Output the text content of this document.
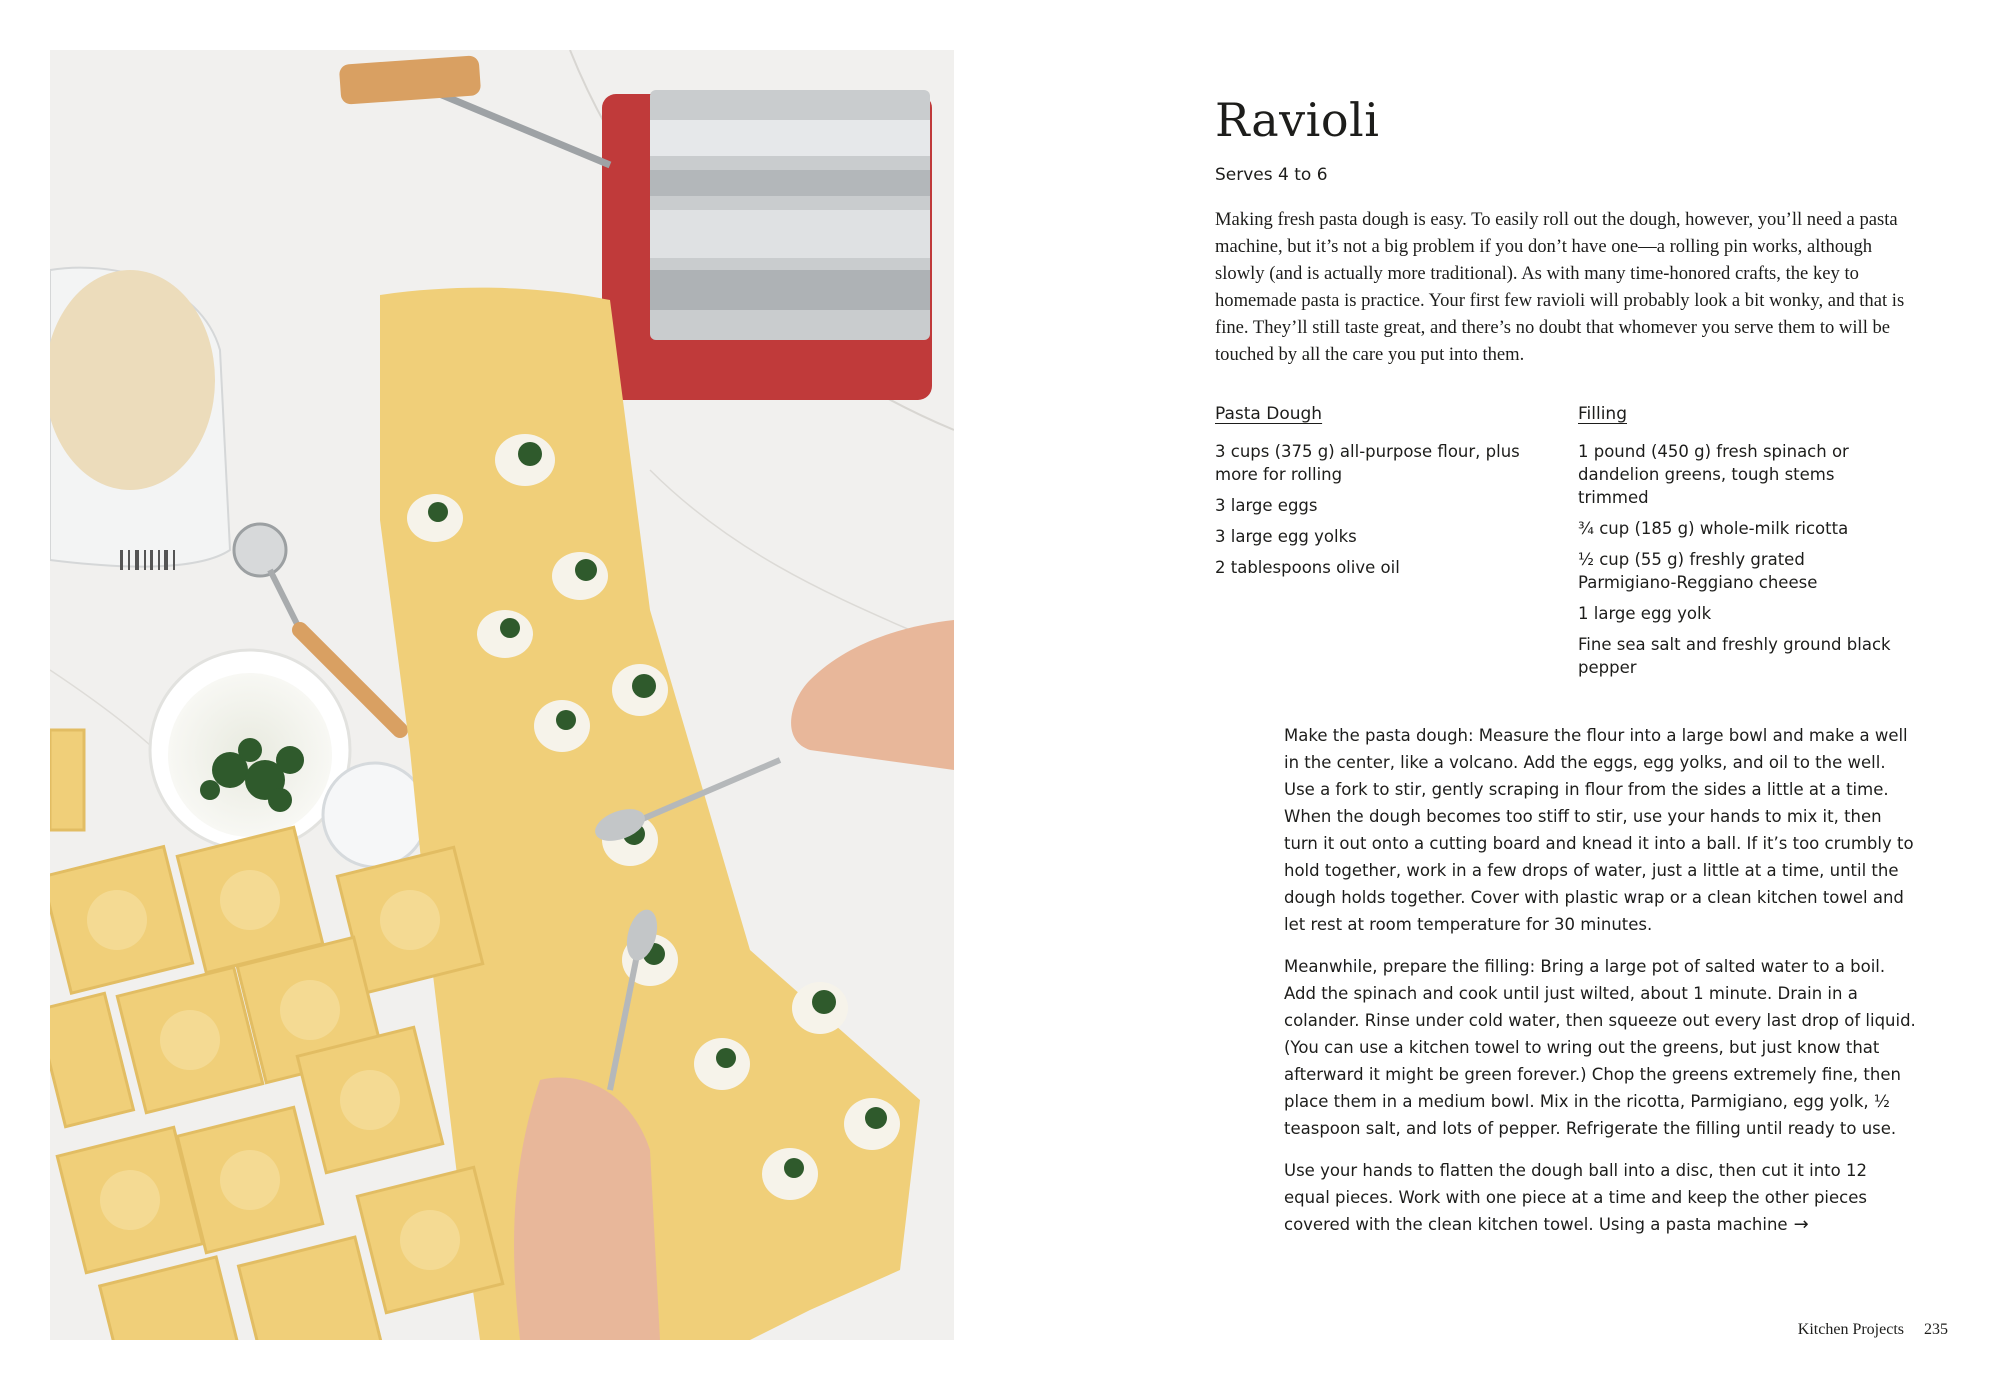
Ravioli
Serves 4 to 6

Making fresh pasta dough is easy. To easily roll out the dough, however, you’ll need a pasta machine, but it’s not a big problem if you don’t have one—a rolling pin works, although slowly (and is actually more traditional). As with many time-honored crafts, the key to homemade pasta is practice. Your first few ravioli will probably look a bit wonky, and that is fine. They’ll still taste great, and there’s no doubt that whomever you serve them to will be touched by all the care you put into them.

Pasta Dough
3 cups (375 g) all-purpose flour, plus more for rolling
3 large eggs
3 large egg yolks
2 tablespoons olive oil
Filling
1 pound (450 g) fresh spinach or dandelion greens, tough stems trimmed
¾ cup (185 g) whole-milk ricotta
½ cup (55 g) freshly grated Parmigiano-Reggiano cheese
1 large egg yolk
Fine sea salt and freshly ground black pepper

Make the pasta dough: Measure the flour into a large bowl and make a well in the center, like a volcano. Add the eggs, egg yolks, and oil to the well. Use a fork to stir, gently scraping in flour from the sides a little at a time. When the dough becomes too stiff to stir, use your hands to mix it, then turn it out onto a cutting board and knead it into a ball. If it’s too crumbly to hold together, work in a few drops of water, just a little at a time, until the dough holds together. Cover with plastic wrap or a clean kitchen towel and let rest at room temperature for 30 minutes.

Meanwhile, prepare the filling: Bring a large pot of salted water to a boil. Add the spinach and cook until just wilted, about 1 minute. Drain in a colander. Rinse under cold water, then squeeze out every last drop of liquid. (You can use a kitchen towel to wring out the greens, but just know that afterward it might be green forever.) Chop the greens extremely fine, then place them in a medium bowl. Mix in the ricotta, Parmigiano, egg yolk, ½ teaspoon salt, and lots of pepper. Refrigerate the filling until ready to use.

Use your hands to flatten the dough ball into a disc, then cut it into 12 equal pieces. Work with one piece at a time and keep the other pieces covered with the clean kitchen towel. Using a pasta machine →

Kitchen Projects 235
